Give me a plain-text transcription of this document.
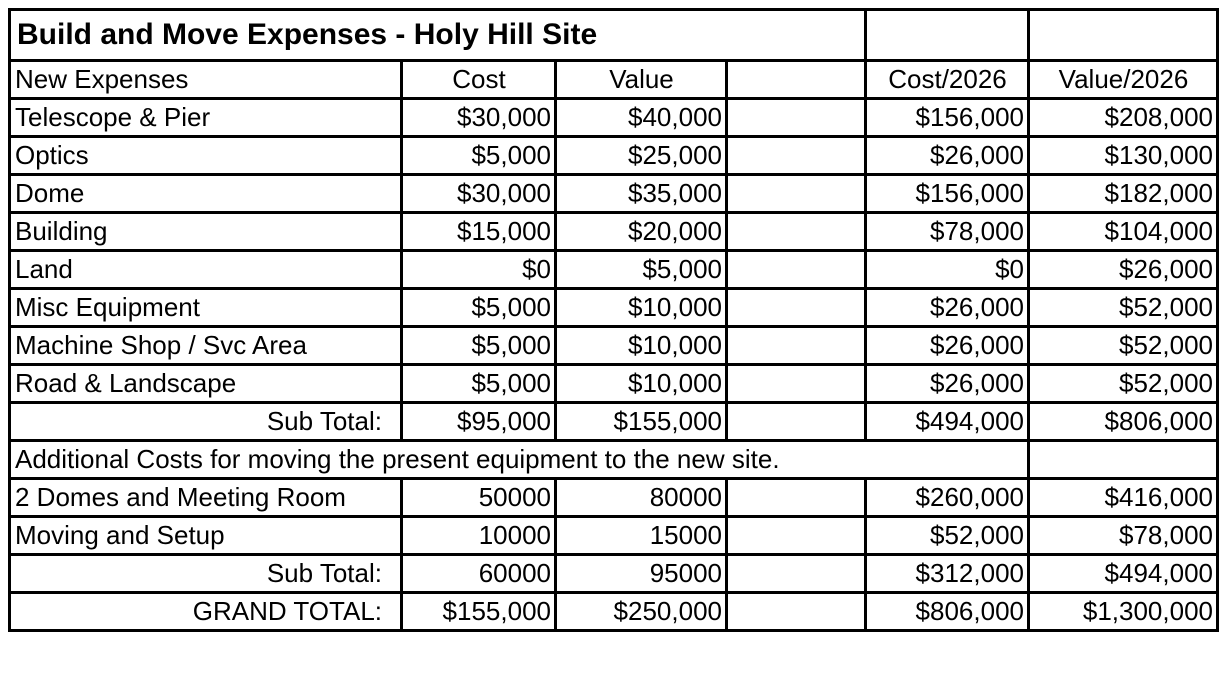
Build and Move Expenses - Holy Hill Site					
New Expenses	Cost	Value		Cost/2026	Value/2026
Telescope & Pier	$30,000	$40,000		$156,000	$208,000
Optics	$5,000	$25,000		$26,000	$130,000
Dome	$30,000	$35,000		$156,000	$182,000
Building	$15,000	$20,000		$78,000	$104,000
Land	$0	$5,000		$0	$26,000
Misc Equipment	$5,000	$10,000		$26,000	$52,000
Machine Shop / Svc Area	$5,000	$10,000		$26,000	$52,000
Road & Landscape	$5,000	$10,000		$26,000	$52,000
Sub Total:	$95,000	$155,000		$494,000	$806,000
Additional Costs for moving the present equipment to the new site.					
2 Domes and Meeting Room	50000	80000		$260,000	$416,000
Moving and Setup	10000	15000		$52,000	$78,000
Sub Total:	60000	95000		$312,000	$494,000
GRAND TOTAL:	$155,000	$250,000		$806,000	$1,300,000
